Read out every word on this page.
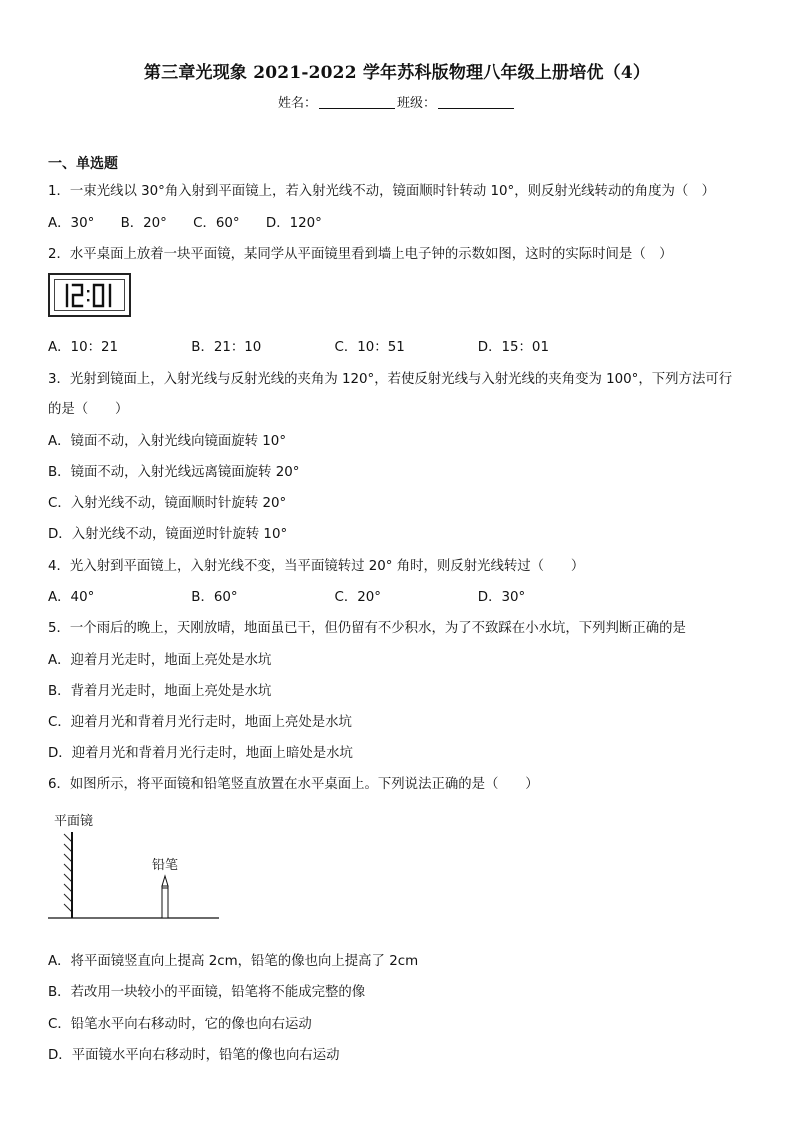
第三章光现象 2021-2022 学年苏科版物理八年级上册培优（4）
姓名：	班级：
一、单选题
1．一束光线以 30°角入射到平面镜上，若入射光线不动，镜面顺时针转动 10°，则反射光线转动的角度为（　）
A．30° B．20° C．60° D．120°
2．水平桌面上放着一块平面镜，某同学从平面镜里看到墙上电子钟的示数如图，这时的实际时间是（　）
A．10：21	B．21：10	C．10：51	D．15：01
3．光射到镜面上，入射光线与反射光线的夹角为 120°，若使反射光线与入射光线的夹角变为 100°，下列方法可行
的是（　　）
A．镜面不动，入射光线向镜面旋转 10°
B．镜面不动，入射光线远离镜面旋转 20°
C．入射光线不动，镜面顺时针旋转 20°
D．入射光线不动，镜面逆时针旋转 10°
4．光入射到平面镜上，入射光线不变，当平面镜转过 20° 角时，则反射光线转过（　　）
A．40°	B．60°	C．20°	D．30°
5．一个雨后的晚上，天刚放晴，地面虽已干，但仍留有不少积水，为了不致踩在小水坑，下列判断正确的是
A．迎着月光走时，地面上亮处是水坑
B．背着月光走时，地面上亮处是水坑
C．迎着月光和背着月光行走时，地面上亮处是水坑
D．迎着月光和背着月光行走时，地面上暗处是水坑
6．如图所示，将平面镜和铅笔竖直放置在水平桌面上。下列说法正确的是（　　）
平面镜
铅笔
A．将平面镜竖直向上提高 2cm，铅笔的像也向上提高了 2cm
B．若改用一块较小的平面镜，铅笔将不能成完整的像
C．铅笔水平向右移动时，它的像也向右运动
D．平面镜水平向右移动时，铅笔的像也向右运动
